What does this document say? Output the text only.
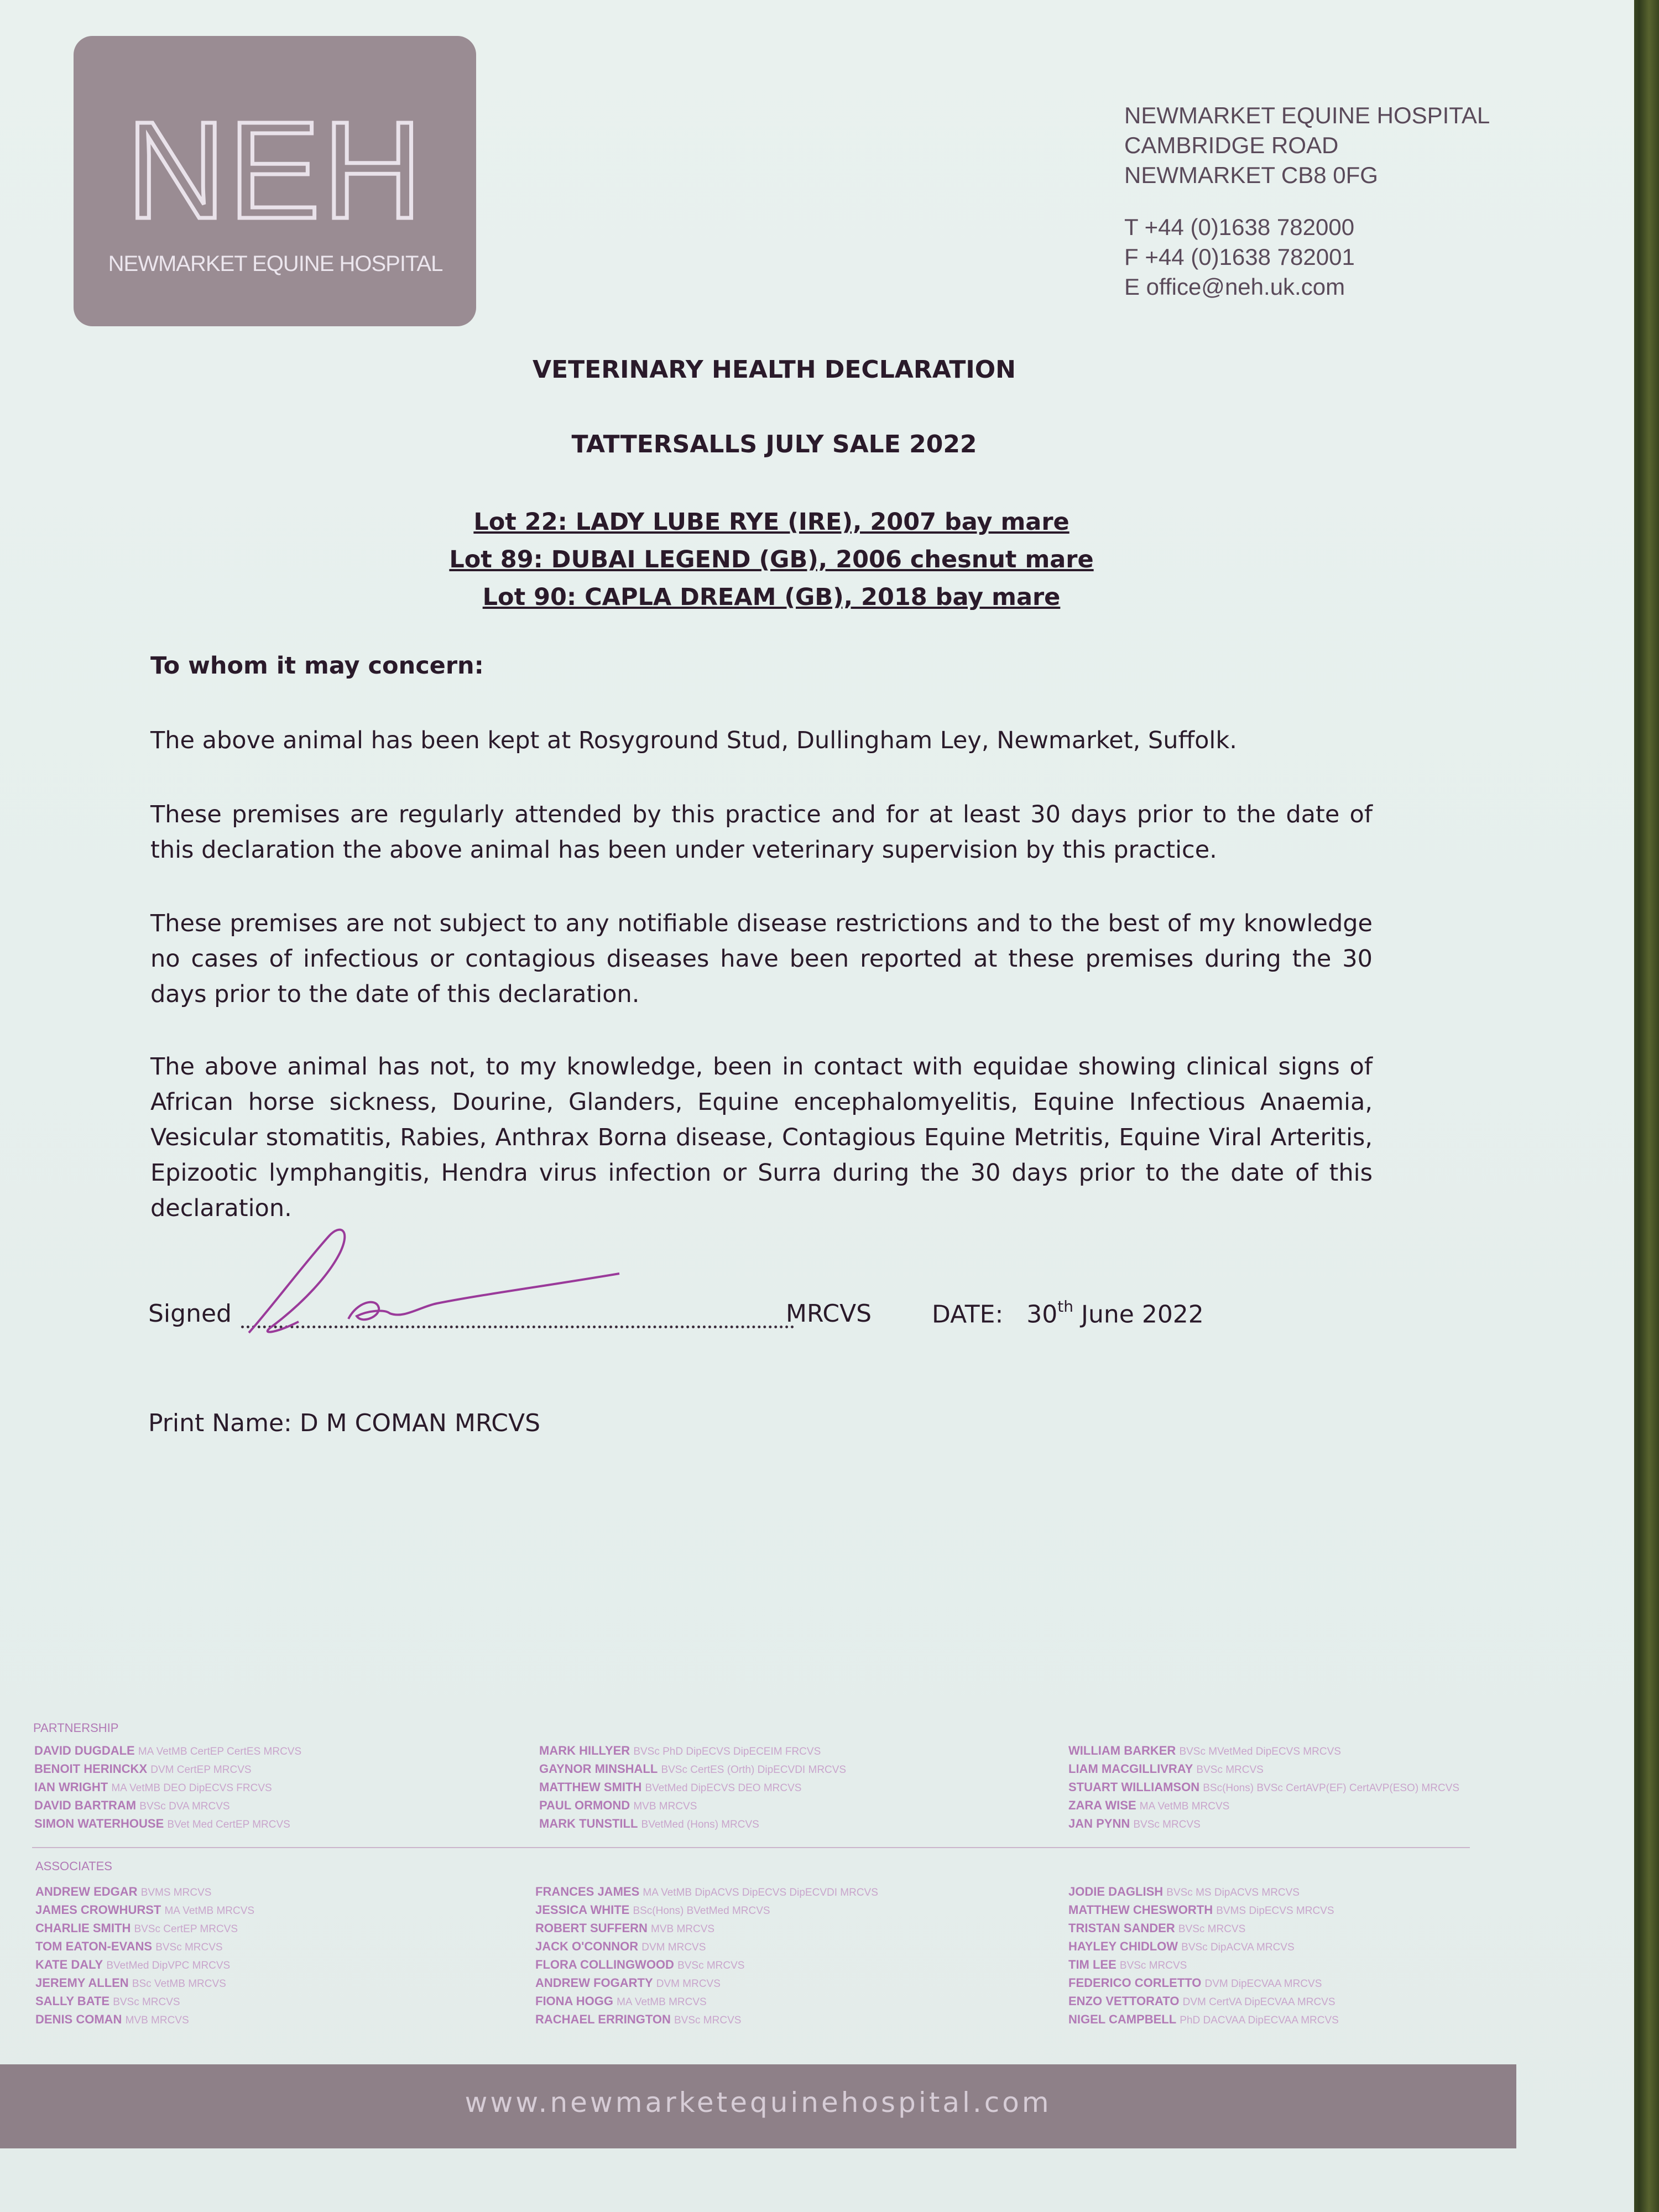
NEH
NEWMARKET EQUINE HOSPITAL
NEWMARKET EQUINE HOSPITAL
CAMBRIDGE ROAD
NEWMARKET CB8 0FG
T +44 (0)1638 782000
F +44 (0)1638 782001
E office@neh.uk.com
VETERINARY HEALTH DECLARATION
TATTERSALLS JULY SALE 2022
Lot 22: LADY LUBE RYE (IRE), 2007 bay mare
Lot 89: DUBAI LEGEND (GB), 2006 chesnut mare
Lot 90: CAPLA DREAM (GB), 2018 bay mare
To whom it may concern:
The above animal has been kept at Rosyground Stud, Dullingham Ley, Newmarket, Suffolk.
These premises are regularly attended by this practice and for at least 30 days prior to the date of this declaration the above animal has been under veterinary supervision by this practice.
These premises are not subject to any notifiable disease restrictions and to the best of my knowledge no cases of infectious or contagious diseases have been reported at these premises during the 30 days prior to the date of this declaration.
The above animal has not, to my knowledge, been in contact with equidae showing clinical signs of African horse sickness, Dourine, Glanders, Equine encephalomyelitis, Equine Infectious Anaemia, Vesicular stomatitis, Rabies, Anthrax Borna disease, Contagious Equine Metritis, Equine Viral Arteritis, Epizootic lymphangitis, Hendra virus infection or Surra during the 30 days prior to the date of this declaration.
Signed	MRCVS DATE: 30th June 2022
Print Name: D M COMAN MRCVS
PARTNERSHIP
DAVID DUGDALE MA VetMB CertEP CertES MRCVS
BENOIT HERINCKX DVM CertEP MRCVS
IAN WRIGHT MA VetMB DEO DipECVS FRCVS
DAVID BARTRAM BVSc DVA MRCVS
SIMON WATERHOUSE BVet Med CertEP MRCVS
MARK HILLYER BVSc PhD DipECVS DipECEIM FRCVS
GAYNOR MINSHALL BVSc CertES (Orth) DipECVDI MRCVS
MATTHEW SMITH BVetMed DipECVS DEO MRCVS
PAUL ORMOND MVB MRCVS
MARK TUNSTILL BVetMed (Hons) MRCVS
WILLIAM BARKER BVSc MVetMed DipECVS MRCVS
LIAM MACGILLIVRAY BVSc MRCVS
STUART WILLIAMSON BSc(Hons) BVSc CertAVP(EF) CertAVP(ESO) MRCVS
ZARA WISE MA VetMB MRCVS
JAN PYNN BVSc MRCVS
ASSOCIATES
ANDREW EDGAR BVMS MRCVS
JAMES CROWHURST MA VetMB MRCVS
CHARLIE SMITH BVSc CertEP MRCVS
TOM EATON-EVANS BVSc MRCVS
KATE DALY BVetMed DipVPC MRCVS
JEREMY ALLEN BSc VetMB MRCVS
SALLY BATE BVSc MRCVS
DENIS COMAN MVB MRCVS
FRANCES JAMES MA VetMB DipACVS DipECVS DipECVDI MRCVS
JESSICA WHITE BSc(Hons) BVetMed MRCVS
ROBERT SUFFERN MVB MRCVS
JACK O'CONNOR DVM MRCVS
FLORA COLLINGWOOD BVSc MRCVS
ANDREW FOGARTY DVM MRCVS
FIONA HOGG MA VetMB MRCVS
RACHAEL ERRINGTON BVSc MRCVS
JODIE DAGLISH BVSc MS DipACVS MRCVS
MATTHEW CHESWORTH BVMS DipECVS MRCVS
TRISTAN SANDER BVSc MRCVS
HAYLEY CHIDLOW BVSc DipACVA MRCVS
TIM LEE BVSc MRCVS
FEDERICO CORLETTO DVM DipECVAA MRCVS
ENZO VETTORATO DVM CertVA DipECVAA MRCVS
NIGEL CAMPBELL PhD DACVAA DipECVAA MRCVS
www.newmarketequinehospital.com
